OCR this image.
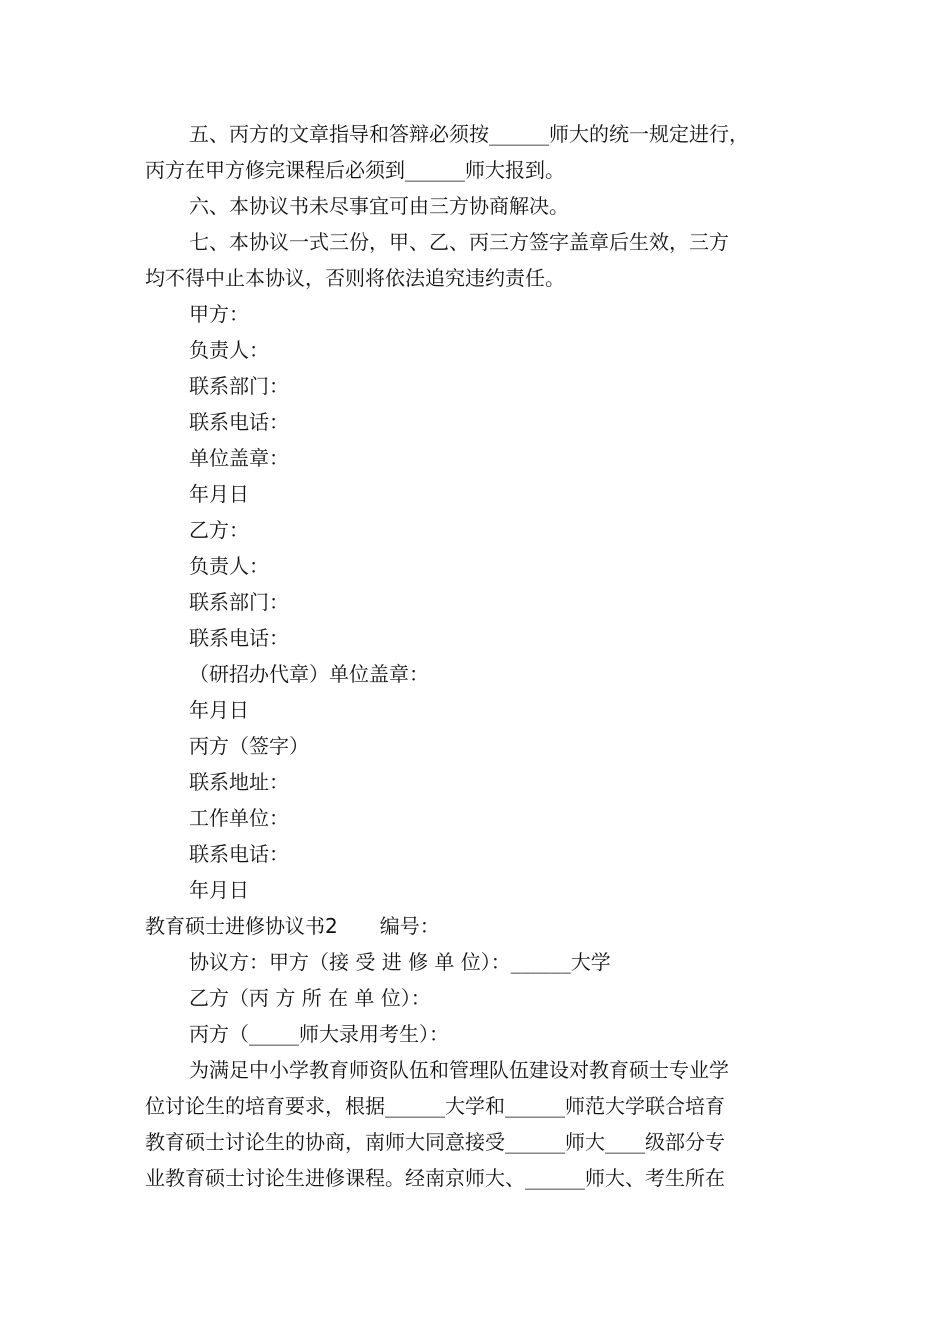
五、丙方的文章指导和答辩必须按______师大的统一规定进行，

丙方在甲方修完课程后必须到______师大报到。

六、本协议书未尽事宜可由三方协商解决。

七、本协议一式三份，甲、乙、丙三方签字盖章后生效，三方

均不得中止本协议，否则将依法追究违约责任。

甲方：

负责人：

联系部门：

联系电话：

单位盖章：

年月日

乙方：

负责人：

联系部门：

联系电话：

（研招办代章）单位盖章：

年月日

丙方（签字）

联系地址：

工作单位：

联系电话：

年月日

教育硕士进修协议书2 编号：

协议方：甲方（接 受 进 修 单 位）：______大学

乙方（丙 方 所 在 单 位）：

丙方（_____师大录用考生）：

为满足中小学教育师资队伍和管理队伍建设对教育硕士专业学

位讨论生的培育要求，根据______大学和______师范大学联合培育

教育硕士讨论生的协商，南师大同意接受______师大____级部分专

业教育硕士讨论生进修课程。经南京师大、______师大、考生所在
